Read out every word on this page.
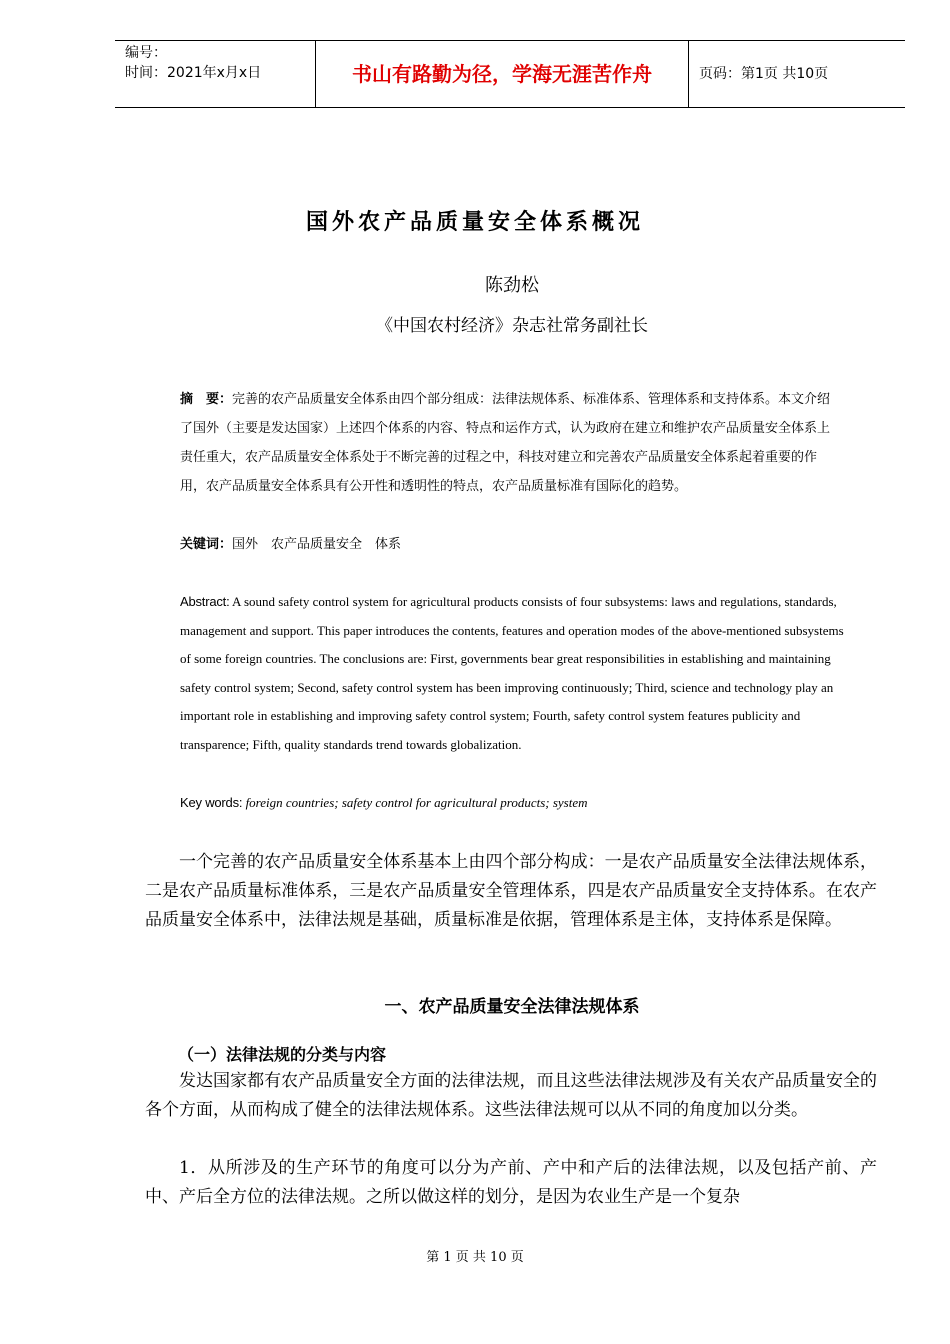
编号：
时间：2021年x月x日	书山有路勤为径，学海无涯苦作舟	页码：第1页 共10页
国外农产品质量安全体系概况
陈劲松
《中国农村经济》杂志社常务副社长
摘　要：完善的农产品质量安全体系由四个部分组成：法律法规体系、标准体系、管理体系和支持体系。本文介绍了国外（主要是发达国家）上述四个体系的内容、特点和运作方式，认为政府在建立和维护农产品质量安全体系上责任重大，农产品质量安全体系处于不断完善的过程之中，科技对建立和完善农产品质量安全体系起着重要的作用，农产品质量安全体系具有公开性和透明性的特点，农产品质量标准有国际化的趋势。
关键词：国外　农产品质量安全　体系
Abstract: A sound safety control system for agricultural products consists of four subsystems: laws and regulations, standards, management and support. This paper introduces the contents, features and operation modes of the above-mentioned subsystems of some foreign countries. The conclusions are: First, governments bear great responsibilities in establishing and maintaining safety control system; Second, safety control system has been improving continuously; Third, science and technology play an important role in establishing and improving safety control system; Fourth, safety control system features publicity and transparence; Fifth, quality standards trend towards globalization.
Key words: foreign countries; safety control for agricultural products; system
一个完善的农产品质量安全体系基本上由四个部分构成：一是农产品质量安全法律法规体系，二是农产品质量标准体系，三是农产品质量安全管理体系，四是农产品质量安全支持体系。在农产品质量安全体系中，法律法规是基础，质量标准是依据，管理体系是主体，支持体系是保障。
一、农产品质量安全法律法规体系
（一）法律法规的分类与内容
发达国家都有农产品质量安全方面的法律法规，而且这些法律法规涉及有关农产品质量安全的各个方面，从而构成了健全的法律法规体系。这些法律法规可以从不同的角度加以分类。
1．从所涉及的生产环节的角度可以分为产前、产中和产后的法律法规，以及包括产前、产中、产后全方位的法律法规。之所以做这样的划分，是因为农业生产是一个复杂
第 1 页 共 10 页
